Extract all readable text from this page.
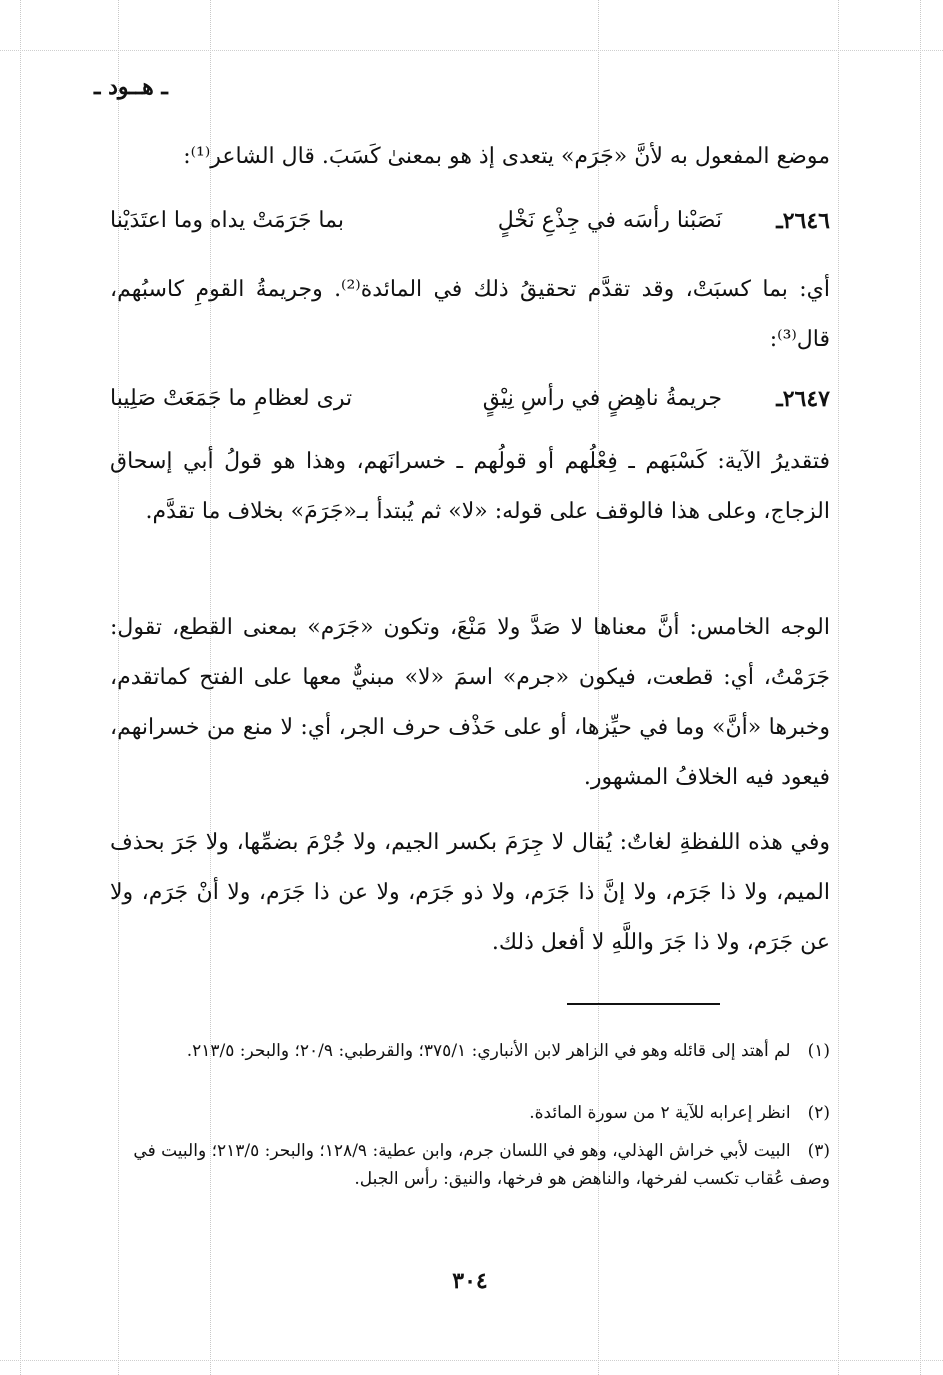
ـ هــود ـ
موضع المفعول به لأنَّ «جَرَم» يتعدى إذ هو بمعنىٰ كَسَبَ. قال الشاعر⁽¹⁾:
٢٦٤٦ـ
نَصَبْنا رأسَه في جِذْعِ نَخْلٍ
بما جَرَمَتْ يداه وما اعتَدَيْنا
أي: بما كسبَتْ، وقد تقدَّم تحقيقُ ذلك في المائدة⁽²⁾. وجريمةُ القومِ كاسبُهم، قال⁽³⁾:
٢٦٤٧ـ
جريمةُ ناهِضٍ في رأسِ نِيْقٍ
ترى لعظامِ ما جَمَعَتْ صَلِيبا
فتقديرُ الآية: كَسْبَهم ـ فِعْلُهم أو قولُهم ـ خسرانَهم، وهذا هو قولُ أبي إسحاق الزجاج، وعلى هذا فالوقف على قوله: «لا» ثم يُبتدأ بـ«جَرَمَ» بخلاف ما تقدَّم.
الوجه الخامس: أنَّ معناها لا صَدَّ ولا مَنْعَ، وتكون «جَرَم» بمعنى القطع، تقول: جَرَمْتُ، أي: قطعت، فيكون «جرم» اسمَ «لا» مبنيٌّ معها على الفتح كماتقدم، وخبرها «أنَّ» وما في حيِّزها، أو على حَذْف حرف الجر، أي: لا منع من خسرانهم، فيعود فيه الخلافُ المشهور.
وفي هذه اللفظةِ لغاتٌ: يُقال لا جِرَمَ بكسر الجيم، ولا جُرْمَ بضمِّها، ولا جَرَ بحذف الميم، ولا ذا جَرَم، ولا إنَّ ذا جَرَم، ولا ذو جَرَم، ولا عن ذا جَرَم، ولا أنْ جَرَم، ولا عن جَرَم، ولا ذا جَرَ واللَّهِ لا أفعل ذلك.
(١) لم أهتد إلى قائله وهو في الزاهر لابن الأنباري: ٣٧٥/١؛ والقرطبي: ٢٠/٩؛ والبحر: ٢١٣/٥.
(٢) انظر إعرابه للآية ٢ من سورة المائدة.
(٣) البيت لأبي خراش الهذلي، وهو في اللسان جرم، وابن عطية: ١٢٨/٩؛ والبحر: ٢١٣/٥؛ والبيت في وصف عُقاب تكسب لفرخها، والناهض هو فرخها، والنيق: رأس الجبل.
٣٠٤
